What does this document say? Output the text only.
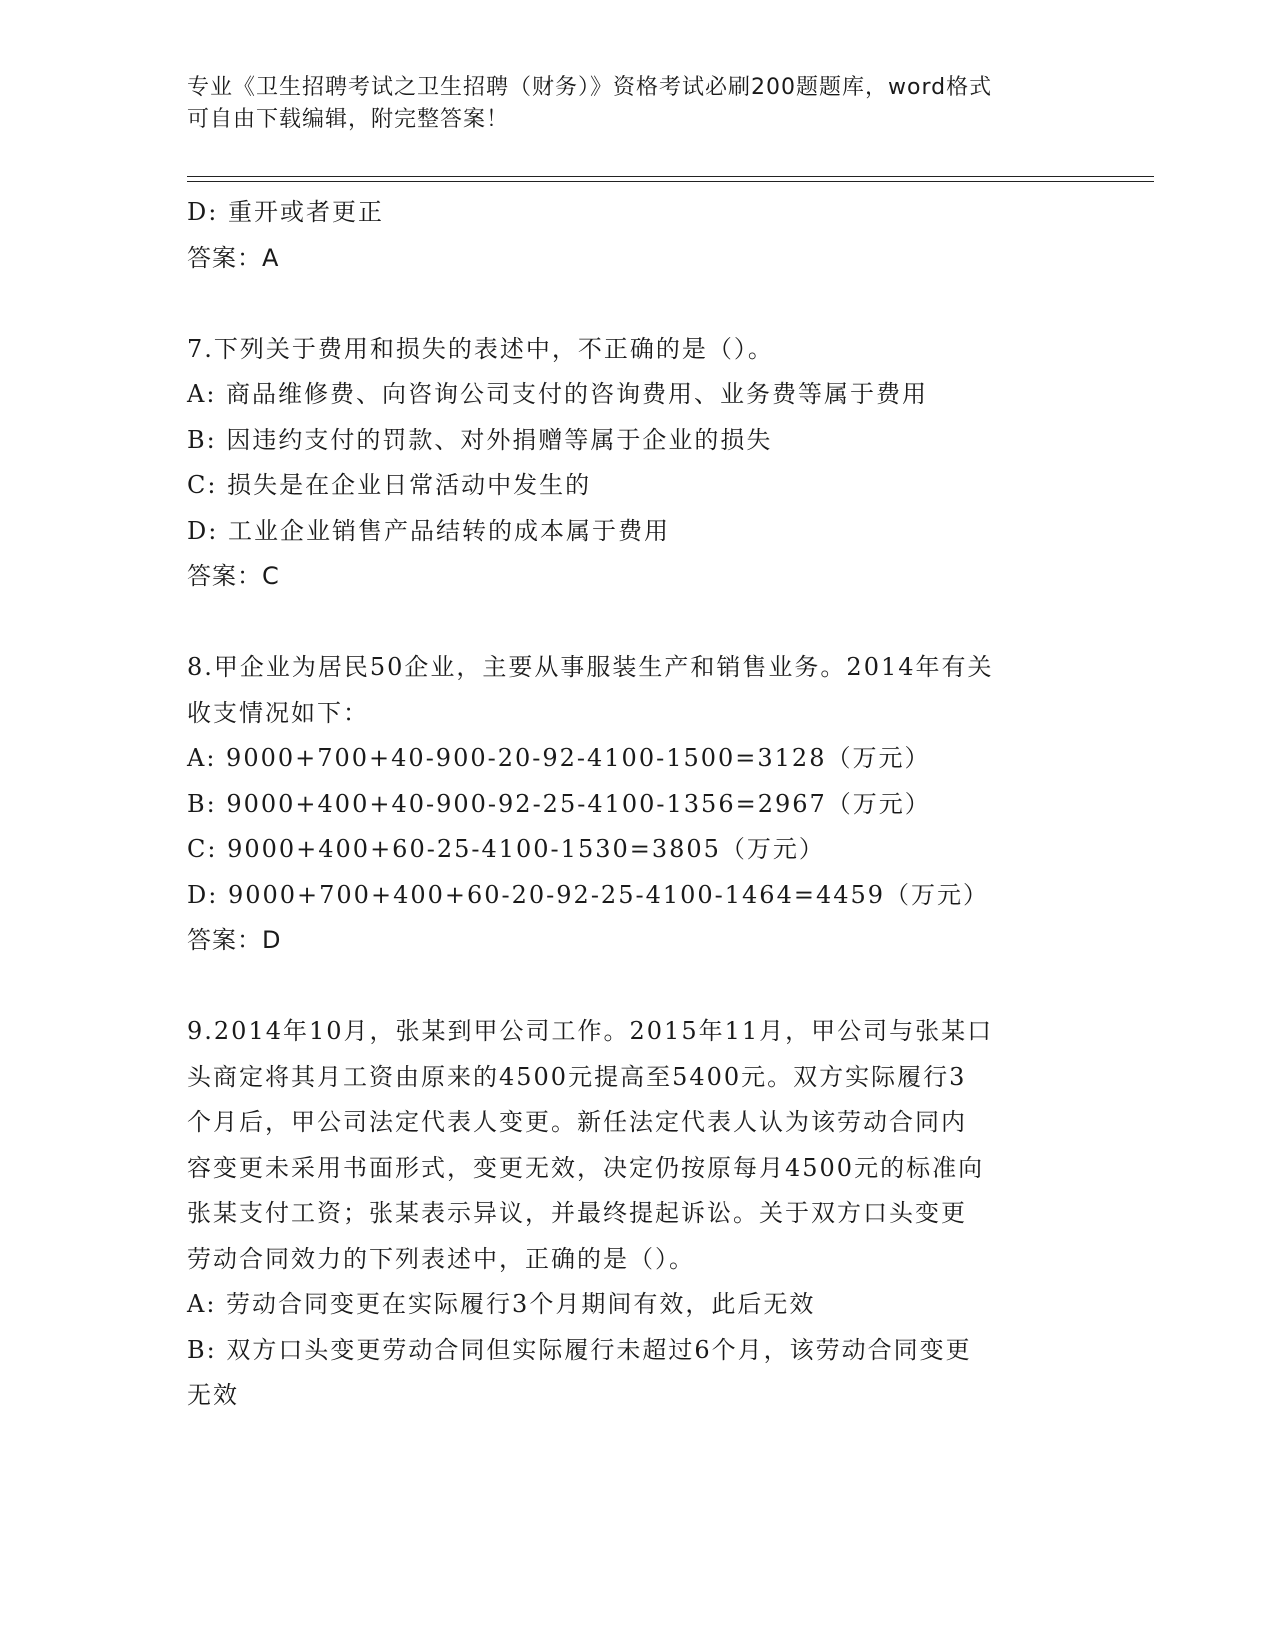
专业《卫生招聘考试之卫生招聘（财务）》资格考试必刷200题题库，word格式
可自由下载编辑，附完整答案！
D: 重开或者更正
答案：A
7.下列关于费用和损失的表述中，不正确的是（）。
A: 商品维修费、向咨询公司支付的咨询费用、业务费等属于费用
B: 因违约支付的罚款、对外捐赠等属于企业的损失
C: 损失是在企业日常活动中发生的
D: 工业企业销售产品结转的成本属于费用
答案：C
8.甲企业为居民50企业，主要从事服装生产和销售业务。2014年有关
收支情况如下：
A: 9000+700+40-900-20-92-4100-1500=3128（万元）
B: 9000+400+40-900-92-25-4100-1356=2967（万元）
C: 9000+400+60-25-4100-1530=3805（万元）
D: 9000+700+400+60-20-92-25-4100-1464=4459（万元）
答案：D
9.2014年10月，张某到甲公司工作。2015年11月，甲公司与张某口
头商定将其月工资由原来的4500元提高至5400元。双方实际履行3
个月后，甲公司法定代表人变更。新任法定代表人认为该劳动合同内
容变更未采用书面形式，变更无效，决定仍按原每月4500元的标准向
张某支付工资；张某表示异议，并最终提起诉讼。关于双方口头变更
劳动合同效力的下列表述中，正确的是（）。
A: 劳动合同变更在实际履行3个月期间有效，此后无效
B: 双方口头变更劳动合同但实际履行未超过6个月，该劳动合同变更
无效
